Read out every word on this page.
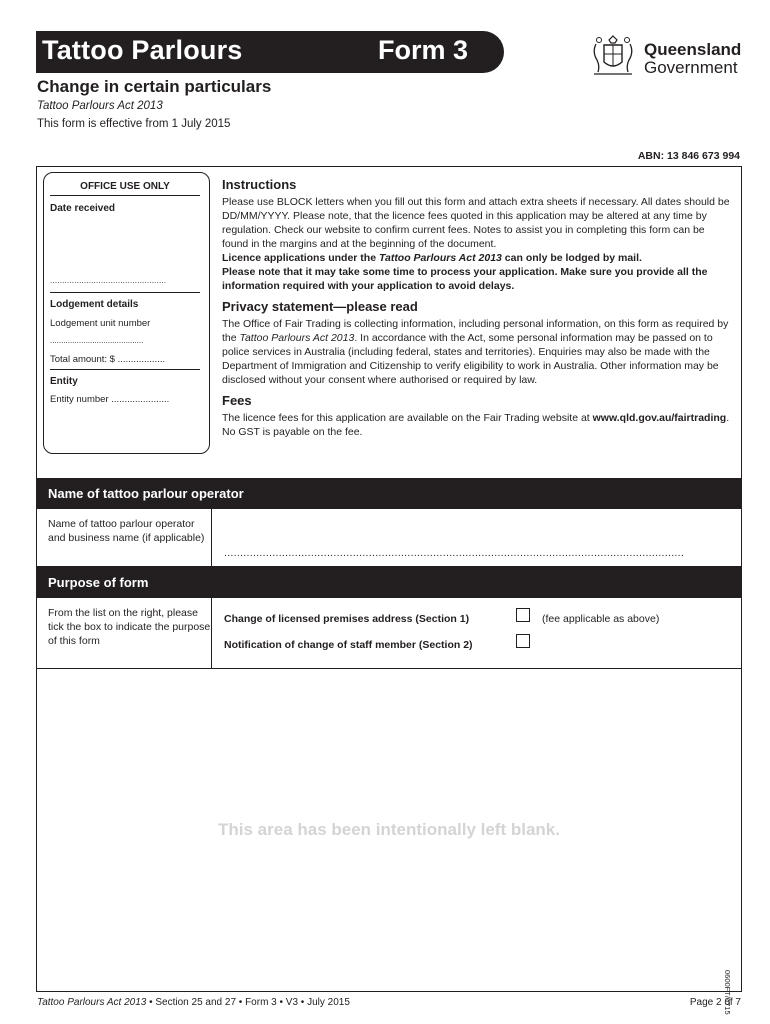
Tattoo Parlours	Form 3	Queensland
Government
Change in certain particulars
Tattoo Parlours Act 2013
This form is effective from 1 July 2015
ABN: 13 846 673 994
OFFICE USE ONLY
Date received
................................................
Lodgement details
Lodgement unit number
..........................................
Total amount: $ ..................
Entity
Entity number ......................
Instructions

Please use BLOCK letters when you fill out this form and attach extra sheets if necessary. All dates should be DD/MM/YYYY. Please note, that the licence fees quoted in this application may be altered at any time by regulation. Check our website to confirm current fees. Notes to assist you in completing this form can be found in the margins and at the beginning of the document.

Licence applications under the Tattoo Parlours Act 2013 can only be lodged by mail.

Please note that it may take some time to process your application. Make sure you provide all the information required with your application to avoid delays.

Privacy statement—please read

The Office of Fair Trading is collecting information, including personal information, on this form as required by the Tattoo Parlours Act 2013. In accordance with the Act, some personal information may be passed on to police services in Australia (including federal, states and territories). Enquiries may also be made with the Department of Immigration and Citizenship to verify eligibility to work in Australia. Other information may be disclosed without your consent where authorised or required by law.

Fees

The licence fees for this application are available on the Fair Trading website at www.qld.gov.au/fairtrading. No GST is payable on the fee.

Name of tattoo parlour operator
Name of tattoo parlour operator and business name (if applicable)
...............................................................................................................................................
Purpose of form
From the list on the right, please tick the box to indicate the purpose of this form
Change of licensed premises address (Section 1)	(fee applicable as above)
Notification of change of staff member (Section 2)
This area has been intentionally left blank.
0600FT/0715
Tattoo Parlours Act 2013 • Section 25 and 27 • Form 3 • V3 • July 2015	Page 2 of 7
